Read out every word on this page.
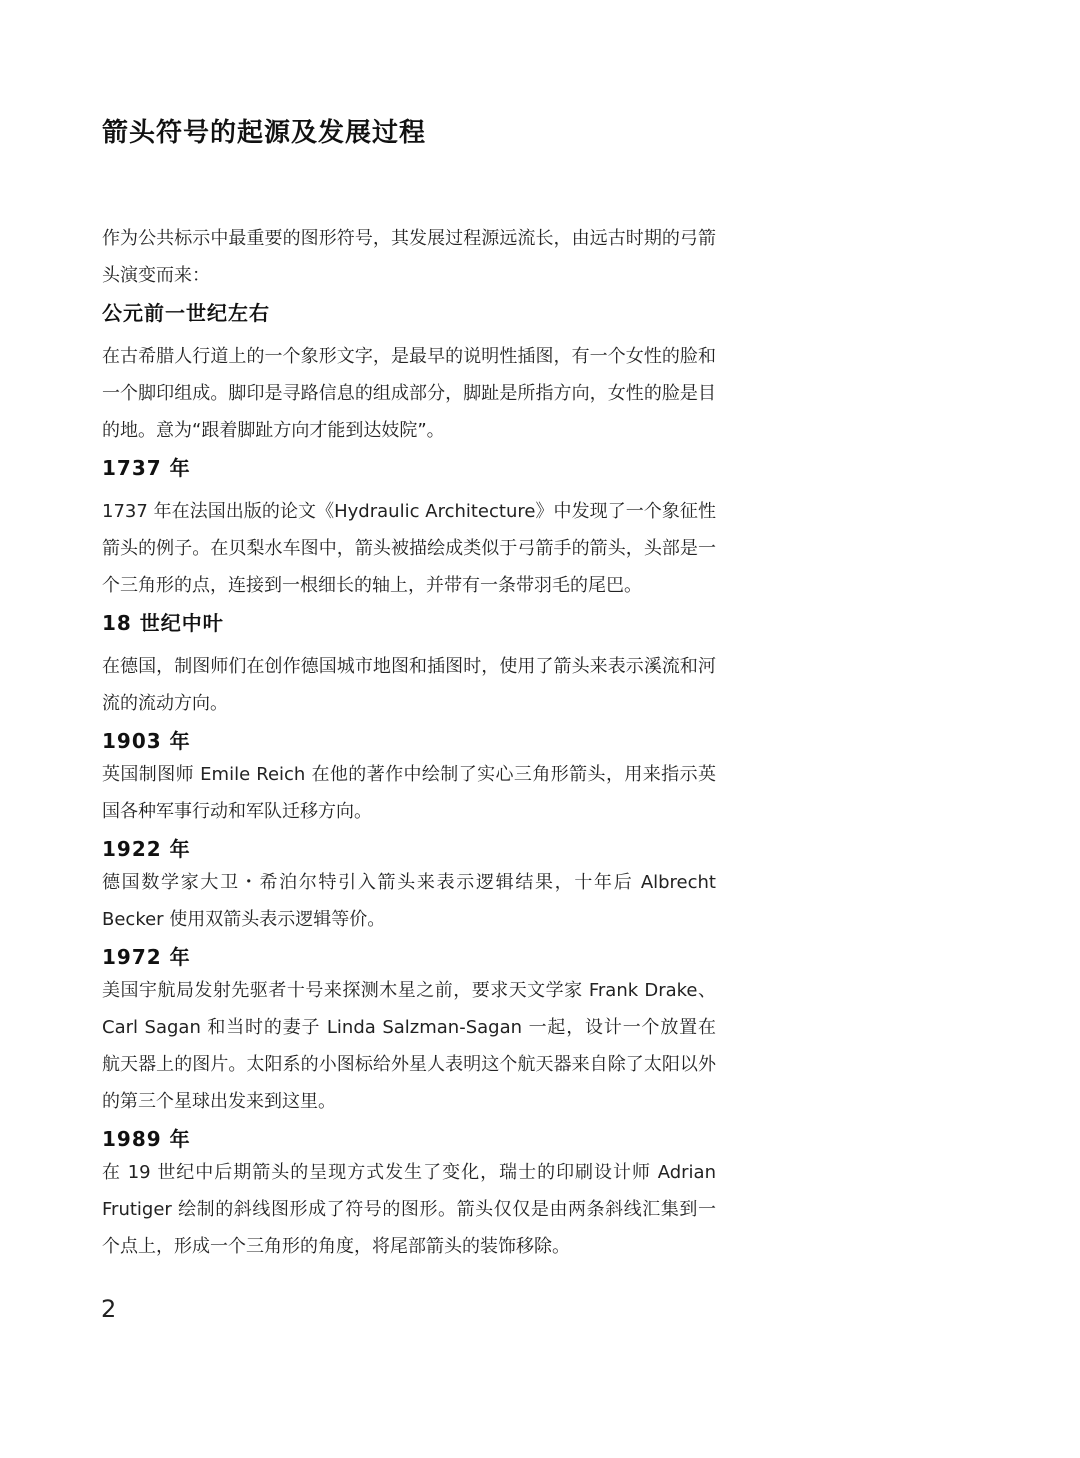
箭头符号的起源及发展过程

作为公共标示中最重要的图形符号，其发展过程源远流长，由远古时期的弓箭头演变而来：

公元前一世纪左右

在古希腊人行道上的一个象形文字，是最早的说明性插图，有一个女性的脸和一个脚印组成。脚印是寻路信息的组成部分，脚趾是所指方向，女性的脸是目的地。意为“跟着脚趾方向才能到达妓院”。

1737 年

1737 年在法国出版的论文《Hydraulic Architecture》中发现了一个象征性箭头的例子。在贝梨水车图中，箭头被描绘成类似于弓箭手的箭头，头部是一个三角形的点，连接到一根细长的轴上，并带有一条带羽毛的尾巴。

18 世纪中叶

在德国，制图师们在创作德国城市地图和插图时，使用了箭头来表示溪流和河流的流动方向。

1903 年

英国制图师 Emile Reich 在他的著作中绘制了实心三角形箭头，用来指示英国各种军事行动和军队迁移方向。

1922 年

德国数学家大卫・希泊尔特引入箭头来表示逻辑结果，十年后 Albrecht Becker 使用双箭头表示逻辑等价。

1972 年

美国宇航局发射先驱者十号来探测木星之前，要求天文学家 Frank Drake、Carl Sagan 和当时的妻子 Linda Salzman-Sagan 一起，设计一个放置在航天器上的图片。太阳系的小图标给外星人表明这个航天器来自除了太阳以外的第三个星球出发来到这里。

1989 年

在 19 世纪中后期箭头的呈现方式发生了变化，瑞士的印刷设计师 Adrian Frutiger 绘制的斜线图形成了符号的图形。箭头仅仅是由两条斜线汇集到一个点上，形成一个三角形的角度，将尾部箭头的装饰移除。

2
